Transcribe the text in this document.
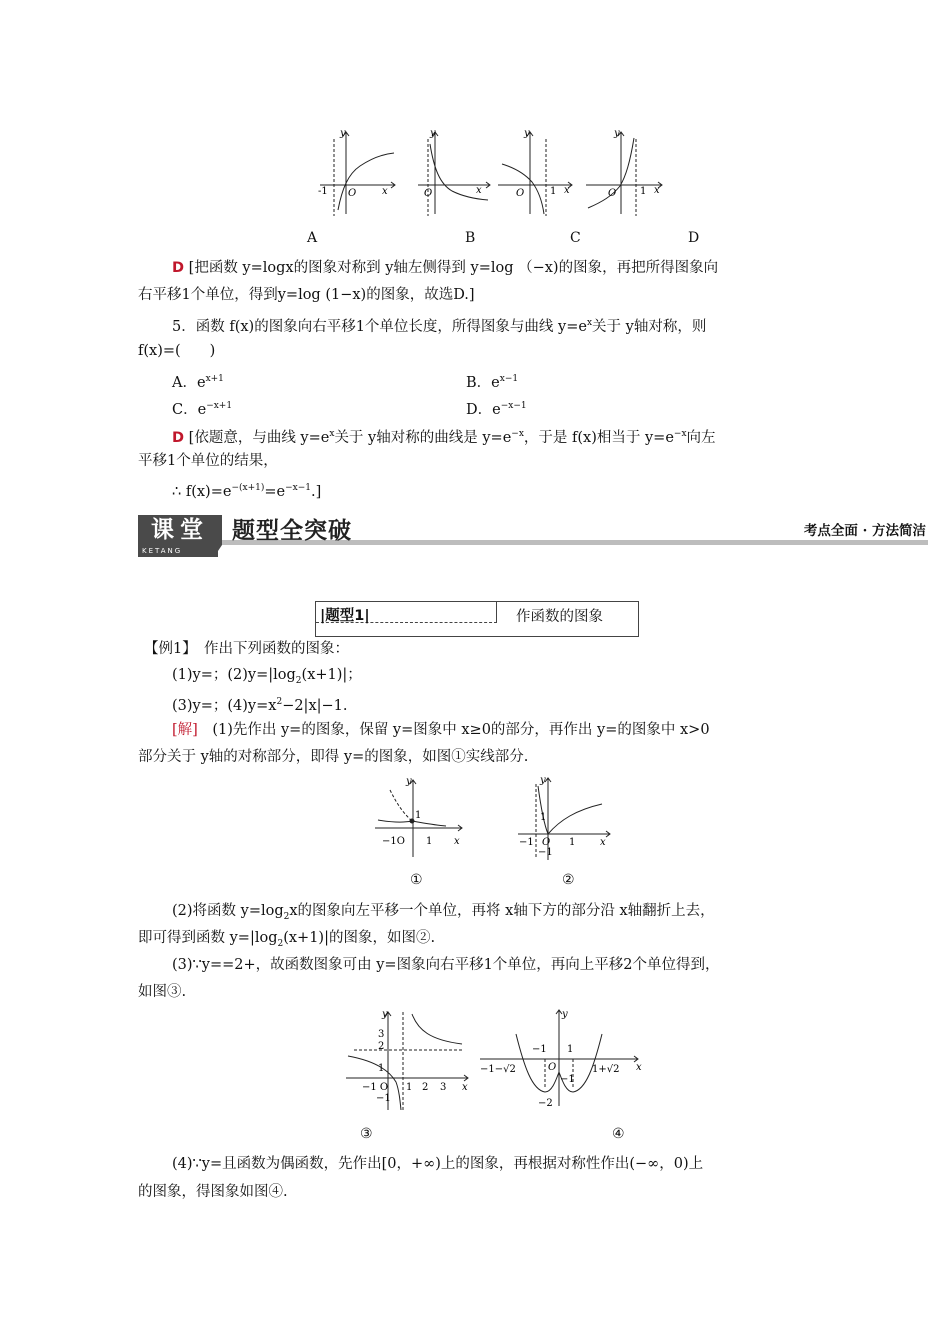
y
-1 O	x
y
O	x
y
O	1 x
y
O 1 x
A	B	C	D
D [把函数 y=logx的图象对称到 y轴左侧得到 y=log （−x)的图象，再把所得图象向
右平移1个单位，得到y=log (1−x)的图象，故选D.]
5．函数 f(x)的图象向右平移1个单位长度，所得图象与曲线 $y=e^x$关于 y轴对称，则
f(x)=(　　)
A．$e^{x+1}$	B．$e^{x-1}$
C．$e^{-x+1}$	D．$e^{-x-1}$
D [依题意，与曲线 $y=e^x$关于 y轴对称的曲线是 $y=e^{-x}$，于是 f(x)相当于 $y=e^{-x}$向左
平移1个单位的结果，
∴ $f(x)=e^{-(x+1)}=e^{-x-1}$.]
课堂
KETANG
题型全突破	考点全面 · 方法简洁
|题型1|	作函数的图象
【例1】　作出下列函数的图象：
(1)y=；$(2)y=|\log_2(x+1)|$；
(3)y=；$(4)y=x^2-2|x|-1$.
[解]　(1)先作出 y=的图象，保留 y=图象中 x≥0的部分，再作出 y=的图象中 x>0
部分关于 y轴的对称部分，即得 y=的图象，如图①实线部分.
y
1
−1O 1 x
y
1
−1 O 1 x
−1
①	②
(2)将函数 $y=\log_2x$的图象向左平移一个单位，再将 x轴下方的部分沿 x轴翻折上去，
即可得到函数 $y=|\log_2(x+1)|$的图象，如图②.
(3)∵y==2+，故函数图象可由 y=图象向右平移1个单位，再向上平移2个单位得到，
如图③.
y
3
2
1
−1 O 1 2 3 x
−1
y
−1 1
O
−1−√2	1+√2 x
−1
−2
③	④
(4)∵y=且函数为偶函数，先作出[0，+∞)上的图象，再根据对称性作出(−∞，0)上
的图象，得图象如图④.
